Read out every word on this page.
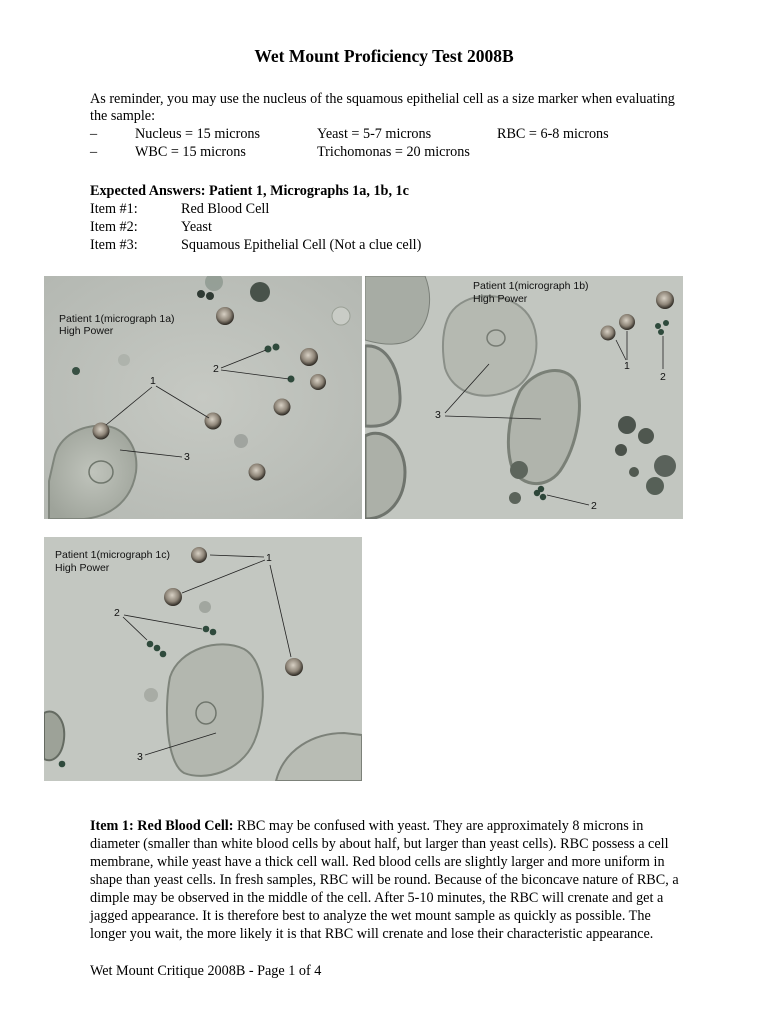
Wet Mount Proficiency Test 2008B
As reminder, you may use the nucleus of the squamous epithelial cell as a size marker when evaluating
the sample:
–	Nucleus = 15 microns	Yeast = 5-7 microns	RBC = 6-8 microns
–	WBC = 15 microns	Trichomonas = 20 microns
Expected Answers: Patient 1, Micrographs 1a, 1b, 1c
Item #1:	Red Blood Cell
Item #2:	Yeast
Item #3:	Squamous Epithelial Cell (Not a clue cell)
Patient 1(micrograph 1a)
High Power
1
2
3
Patient 1(micrograph 1b)
High Power
1
2
3
2
Patient 1(micrograph 1c)
High Power
1
2
3
Item 1: Red Blood Cell: RBC may be confused with yeast. They are approximately 8 microns in
diameter (smaller than white blood cells by about half, but larger than yeast cells). RBC possess a cell
membrane, while yeast have a thick cell wall. Red blood cells are slightly larger and more uniform in
shape than yeast cells. In fresh samples, RBC will be round. Because of the biconcave nature of RBC, a
dimple may be observed in the middle of the cell. After 5-10 minutes, the RBC will crenate and get a
jagged appearance. It is therefore best to analyze the wet mount sample as quickly as possible. The
longer you wait, the more likely it is that RBC will crenate and lose their characteristic appearance.
Wet Mount Critique 2008B - Page 1 of 4
